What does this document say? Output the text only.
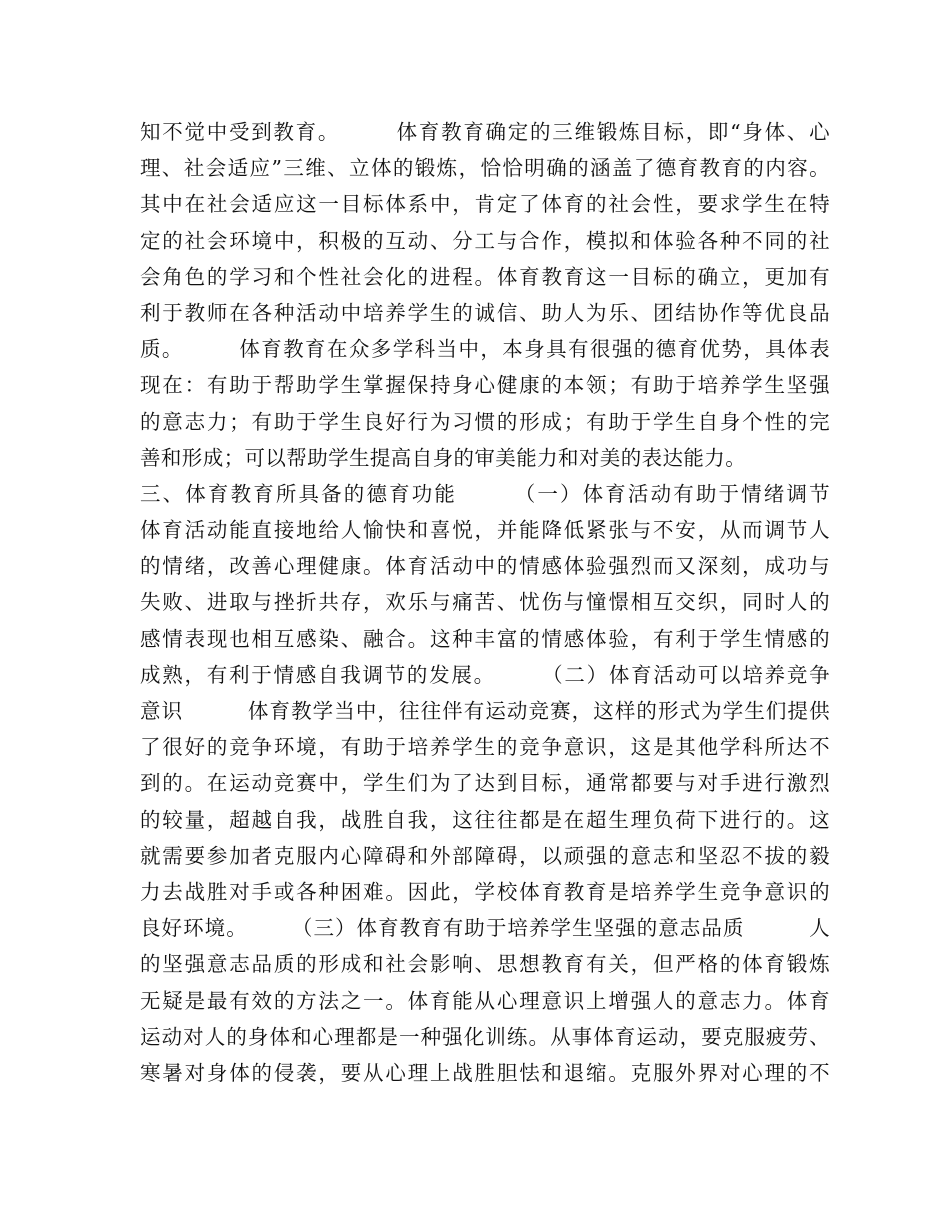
知不觉中受到教育。　　　体育教育确定的三维锻炼目标，即“身体、心
理、社会适应”三维、立体的锻炼，恰恰明确的涵盖了德育教育的内容。
其中在社会适应这一目标体系中，肯定了体育的社会性，要求学生在特
定的社会环境中，积极的互动、分工与合作，模拟和体验各种不同的社
会角色的学习和个性社会化的进程。体育教育这一目标的确立，更加有
利于教师在各种活动中培养学生的诚信、助人为乐、团结协作等优良品
质。　　　体育教育在众多学科当中，本身具有很强的德育优势，具体表
现在：有助于帮助学生掌握保持身心健康的本领；有助于培养学生坚强
的意志力；有助于学生良好行为习惯的形成；有助于学生自身个性的完
善和形成；可以帮助学生提高自身的审美能力和对美的表达能力。
三、体育教育所具备的德育功能　　　（一）体育活动有助于情绪调节
体育活动能直接地给人愉快和喜悦，并能降低紧张与不安，从而调节人
的情绪，改善心理健康。体育活动中的情感体验强烈而又深刻，成功与
失败、进取与挫折共存，欢乐与痛苦、忧伤与憧憬相互交织，同时人的
感情表现也相互感染、融合。这种丰富的情感体验，有利于学生情感的
成熟，有利于情感自我调节的发展。　　　（二）体育活动可以培养竞争
意识　　　体育教学当中，往往伴有运动竞赛，这样的形式为学生们提供
了很好的竞争环境，有助于培养学生的竞争意识，这是其他学科所达不
到的。在运动竞赛中，学生们为了达到目标，通常都要与对手进行激烈
的较量，超越自我，战胜自我，这往往都是在超生理负荷下进行的。这
就需要参加者克服内心障碍和外部障碍，以顽强的意志和坚忍不拔的毅
力去战胜对手或各种困难。因此，学校体育教育是培养学生竞争意识的
良好环境。　　　（三）体育教育有助于培养学生坚强的意志品质　　　人
的坚强意志品质的形成和社会影响、思想教育有关，但严格的体育锻炼
无疑是最有效的方法之一。体育能从心理意识上增强人的意志力。体育
运动对人的身体和心理都是一种强化训练。从事体育运动，要克服疲劳、
寒暑对身体的侵袭，要从心理上战胜胆怯和退缩。克服外界对心理的不
